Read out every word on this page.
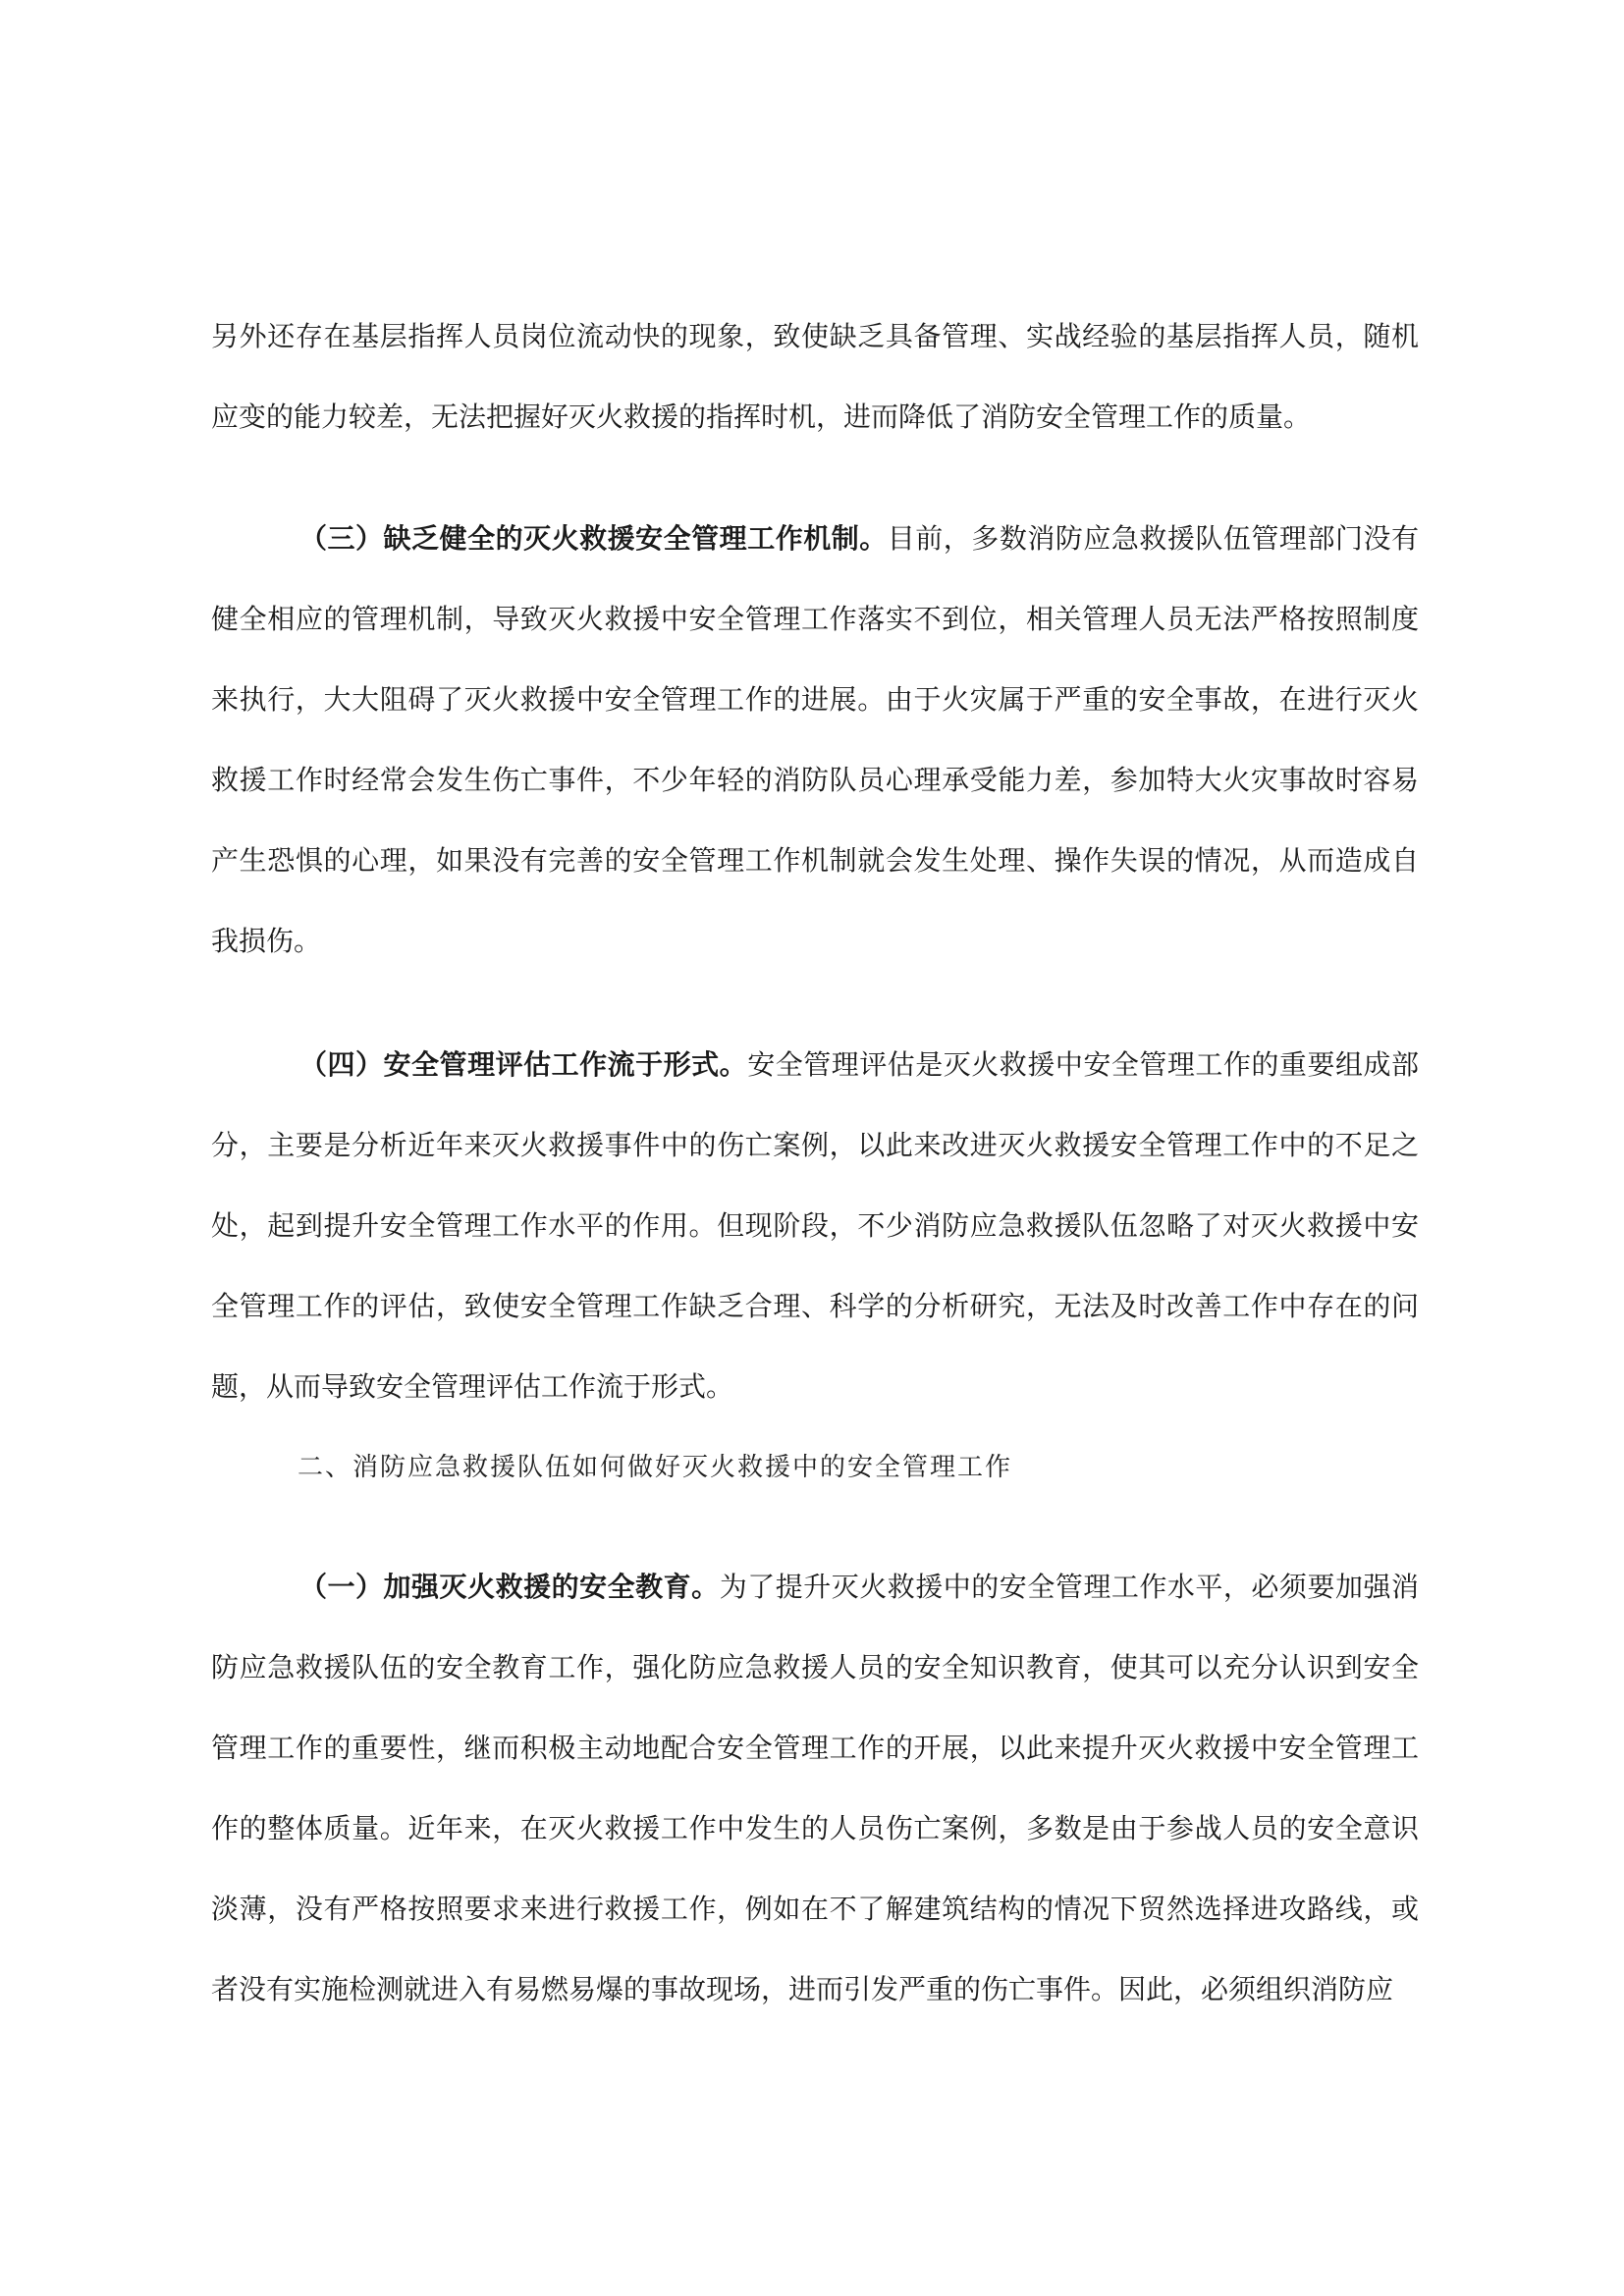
另外还存在基层指挥人员岗位流动快的现象，致使缺乏具备管理、实战经验的基层指挥人员，随机应变的能力较差，无法把握好灭火救援的指挥时机，进而降低了消防安全管理工作的质量。

（三）缺乏健全的灭火救援安全管理工作机制。目前，多数消防应急救援队伍管理部门没有健全相应的管理机制，导致灭火救援中安全管理工作落实不到位，相关管理人员无法严格按照制度来执行，大大阻碍了灭火救援中安全管理工作的进展。由于火灾属于严重的安全事故，在进行灭火救援工作时经常会发生伤亡事件，不少年轻的消防队员心理承受能力差，参加特大火灾事故时容易产生恐惧的心理，如果没有完善的安全管理工作机制就会发生处理、操作失误的情况，从而造成自我损伤。

（四）安全管理评估工作流于形式。安全管理评估是灭火救援中安全管理工作的重要组成部分，主要是分析近年来灭火救援事件中的伤亡案例，以此来改进灭火救援安全管理工作中的不足之处，起到提升安全管理工作水平的作用。但现阶段，不少消防应急救援队伍忽略了对灭火救援中安全管理工作的评估，致使安全管理工作缺乏合理、科学的分析研究，无法及时改善工作中存在的问题，从而导致安全管理评估工作流于形式。

二、消防应急救援队伍如何做好灭火救援中的安全管理工作

（一）加强灭火救援的安全教育。为了提升灭火救援中的安全管理工作水平，必须要加强消防应急救援队伍的安全教育工作，强化防应急救援人员的安全知识教育，使其可以充分认识到安全管理工作的重要性，继而积极主动地配合安全管理工作的开展，以此来提升灭火救援中安全管理工作的整体质量。近年来，在灭火救援工作中发生的人员伤亡案例，多数是由于参战人员的安全意识淡薄，没有严格按照要求来进行救援工作，例如在不了解建筑结构的情况下贸然选择进攻路线，或者没有实施检测就进入有易燃易爆的事故现场，进而引发严重的伤亡事件。因此，必须组织消防应
